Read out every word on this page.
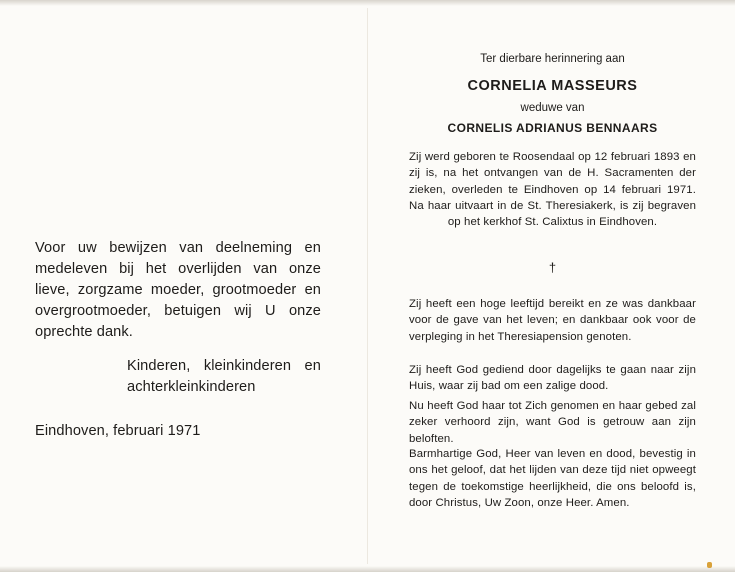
Voor uw bewijzen van deelneming en medeleven bij het overlijden van onze lieve, zorgzame moeder, grootmoeder en overgrootmoeder, betuigen wij U onze oprechte dank.
Kinderen, kleinkinderen en achterkleinkinderen
Eindhoven, februari 1971
Ter dierbare herinnering aan
CORNELIA MASSEURS
weduwe van
CORNELIS ADRIANUS BENNAARS
Zij werd geboren te Roosendaal op 12 februari 1893 en zij is, na het ontvangen van de H. Sacramenten der zieken, overleden te Eindhoven op 14 februari 1971. Na haar uitvaart in de St. Theresiakerk, is zij begraven op het kerkhof St. Calixtus in Eindhoven.
†
Zij heeft een hoge leeftijd bereikt en ze was dankbaar voor de gave van het leven; en dankbaar ook voor de verpleging in het Theresiapension genoten.
Zij heeft God gediend door dagelijks te gaan naar zijn Huis, waar zij bad om een zalige dood.
Nu heeft God haar tot Zich genomen en haar gebed zal zeker verhoord zijn, want God is getrouw aan zijn beloften.
Barmhartige God, Heer van leven en dood, bevestig in ons het geloof, dat het lijden van deze tijd niet opweegt tegen de toekomstige heerlijkheid, die ons beloofd is, door Christus, Uw Zoon, onze Heer. Amen.
